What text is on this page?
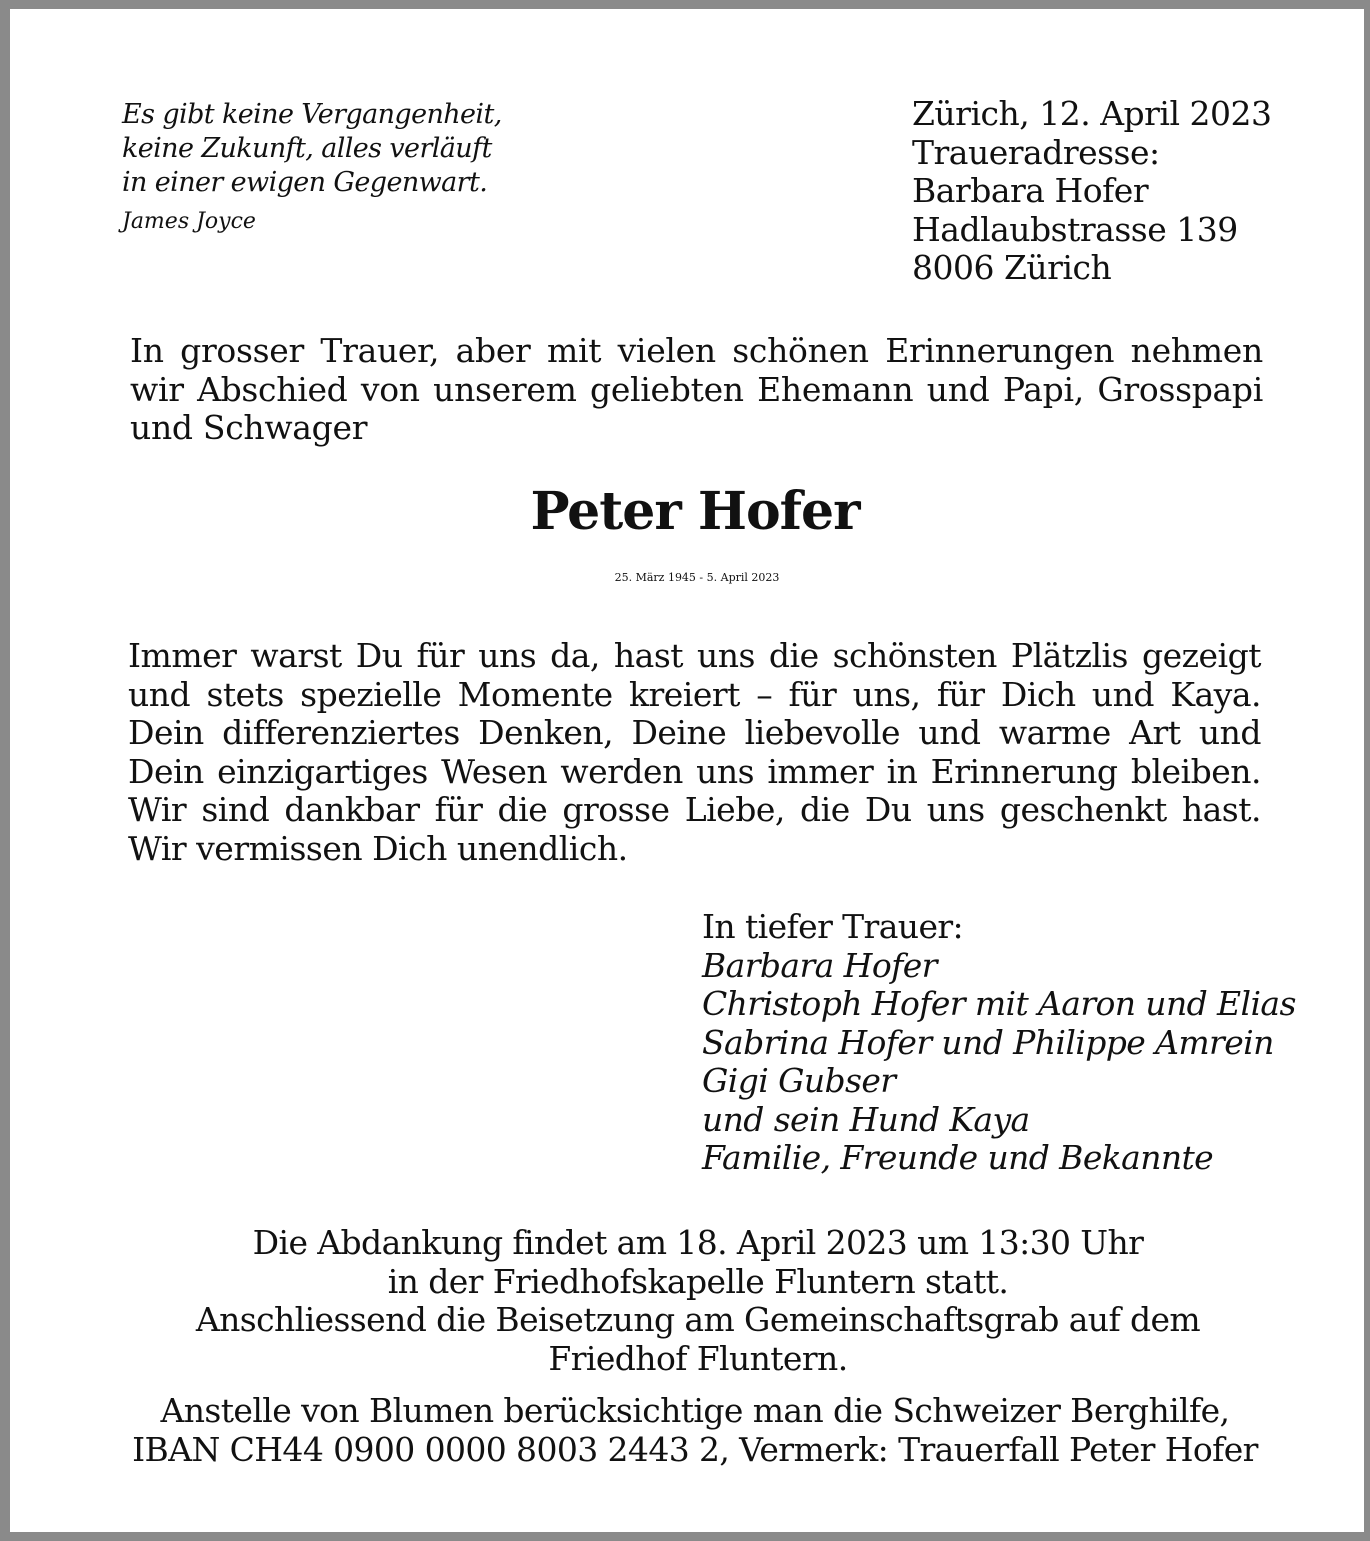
Es gibt keine Vergangenheit,
keine Zukunft, alles verläuft
in einer ewigen Gegenwart.
James Joyce
Zürich, 12. April 2023
Traueradresse:
Barbara Hofer
Hadlaubstrasse 139
8006 Zürich
In grosser Trauer, aber mit vielen schönen Erinnerungen nehmen wir Abschied von unserem geliebten Ehemann und Papi, Grosspapi und Schwager
Peter Hofer
25. März 1945 - 5. April 2023
Immer warst Du für uns da, hast uns die schönsten Plätzlis gezeigt und stets spezielle Momente kreiert – für uns, für Dich und Kaya. Dein differenziertes Denken, Deine liebevolle und warme Art und Dein einzigartiges Wesen werden uns immer in Erinnerung bleiben. Wir sind dankbar für die grosse Liebe, die Du uns geschenkt hast. Wir vermissen Dich unendlich.
In tiefer Trauer:
Barbara Hofer
Christoph Hofer mit Aaron und Elias
Sabrina Hofer und Philippe Amrein
Gigi Gubser
und sein Hund Kaya
Familie, Freunde und Bekannte
Die Abdankung findet am 18. April 2023 um 13:30 Uhr
in der Friedhofskapelle Fluntern statt.
Anschliessend die Beisetzung am Gemeinschaftsgrab auf dem
Friedhof Fluntern.
Anstelle von Blumen berücksichtige man die Schweizer Berghilfe,
IBAN CH44 0900 0000 8003 2443 2, Vermerk: Trauerfall Peter Hofer
